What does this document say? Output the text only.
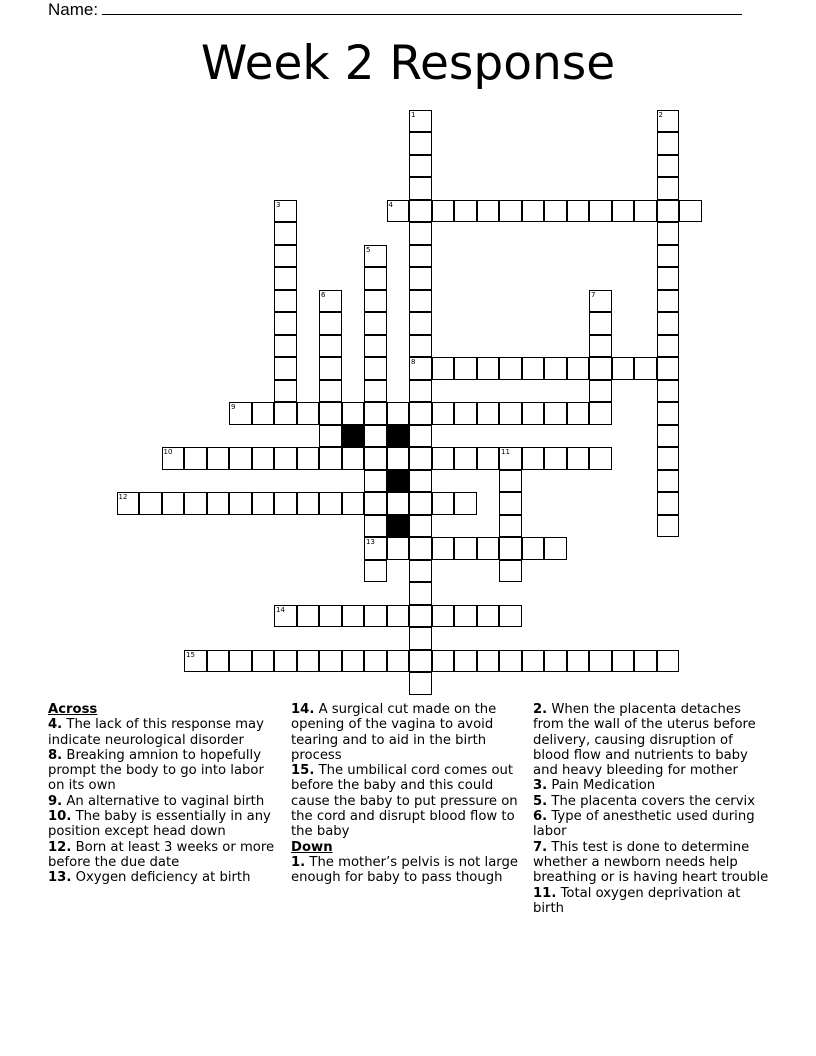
Name:
Week 2 Response
4
8
9
10	11
12
13
14
15
1	2
3
5
6	7
Across
4. The lack of this response may indicate neurological disorder
8. Breaking amnion to hopefully prompt the body to go into labor on its own
9. An alternative to vaginal birth
10. The baby is essentially in any position except head down
12. Born at least 3 weeks or more before the due date
13. Oxygen deficiency at birth
14. A surgical cut made on the opening of the vagina to avoid tearing and to aid in the birth process
15. The umbilical cord comes out before the baby and this could cause the baby to put pressure on the cord and disrupt blood flow to the baby
Down
1. The mother’s pelvis is not large enough for baby to pass though
2. When the placenta detaches from the wall of the uterus before delivery, causing disruption of blood flow and nutrients to baby and heavy bleeding for mother
3. Pain Medication
5. The placenta covers the cervix
6. Type of anesthetic used during labor
7. This test is done to determine whether a newborn needs help breathing or is having heart trouble
11. Total oxygen deprivation at birth
